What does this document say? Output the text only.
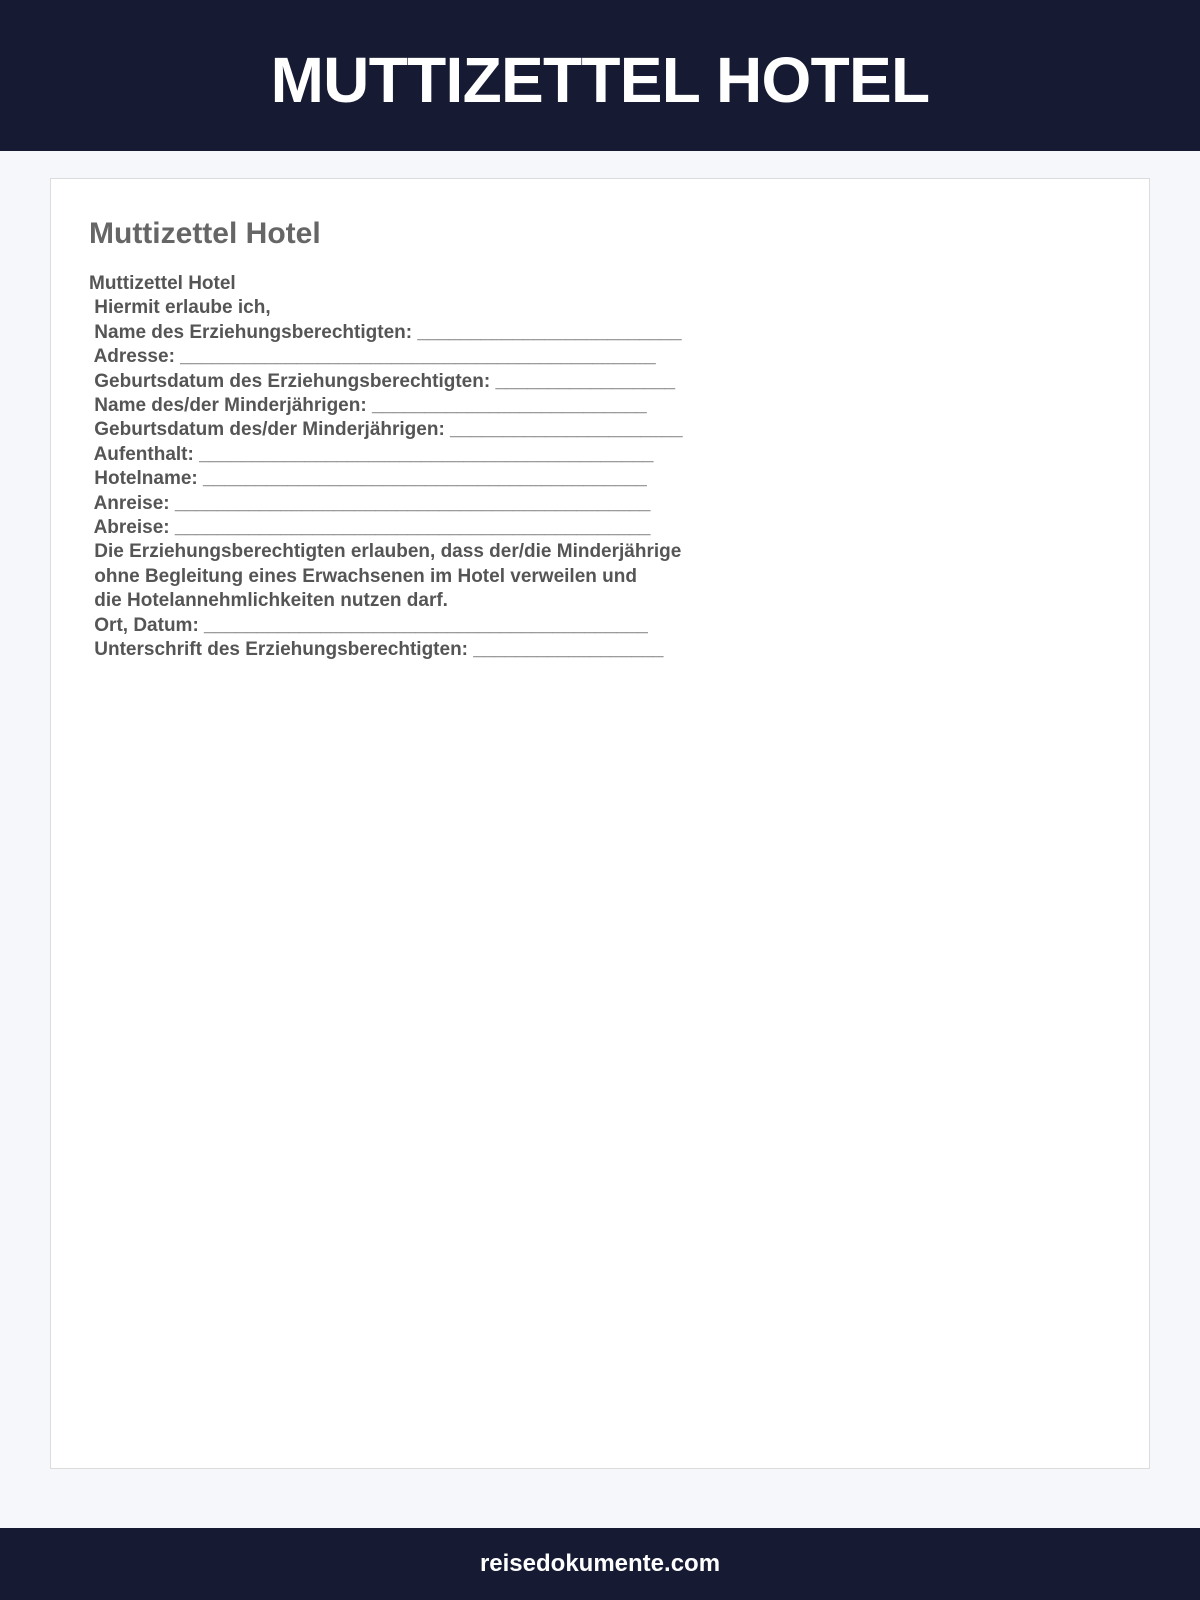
MUTTIZETTEL HOTEL
Muttizettel Hotel
Muttizettel Hotel
Hiermit erlaube ich,
Name des Erziehungsberechtigten: _________________________
Adresse: _____________________________________________
Geburtsdatum des Erziehungsberechtigten: _________________
Name des/der Minderjährigen: __________________________
Geburtsdatum des/der Minderjährigen: ______________________
Aufenthalt: ___________________________________________
Hotelname: __________________________________________
Anreise: _____________________________________________
Abreise: _____________________________________________
Die Erziehungsberechtigten erlauben, dass der/die Minderjährige
ohne Begleitung eines Erwachsenen im Hotel verweilen und
die Hotelannehmlichkeiten nutzen darf.
Ort, Datum: __________________________________________
Unterschrift des Erziehungsberechtigten: __________________
reisedokumente.com
